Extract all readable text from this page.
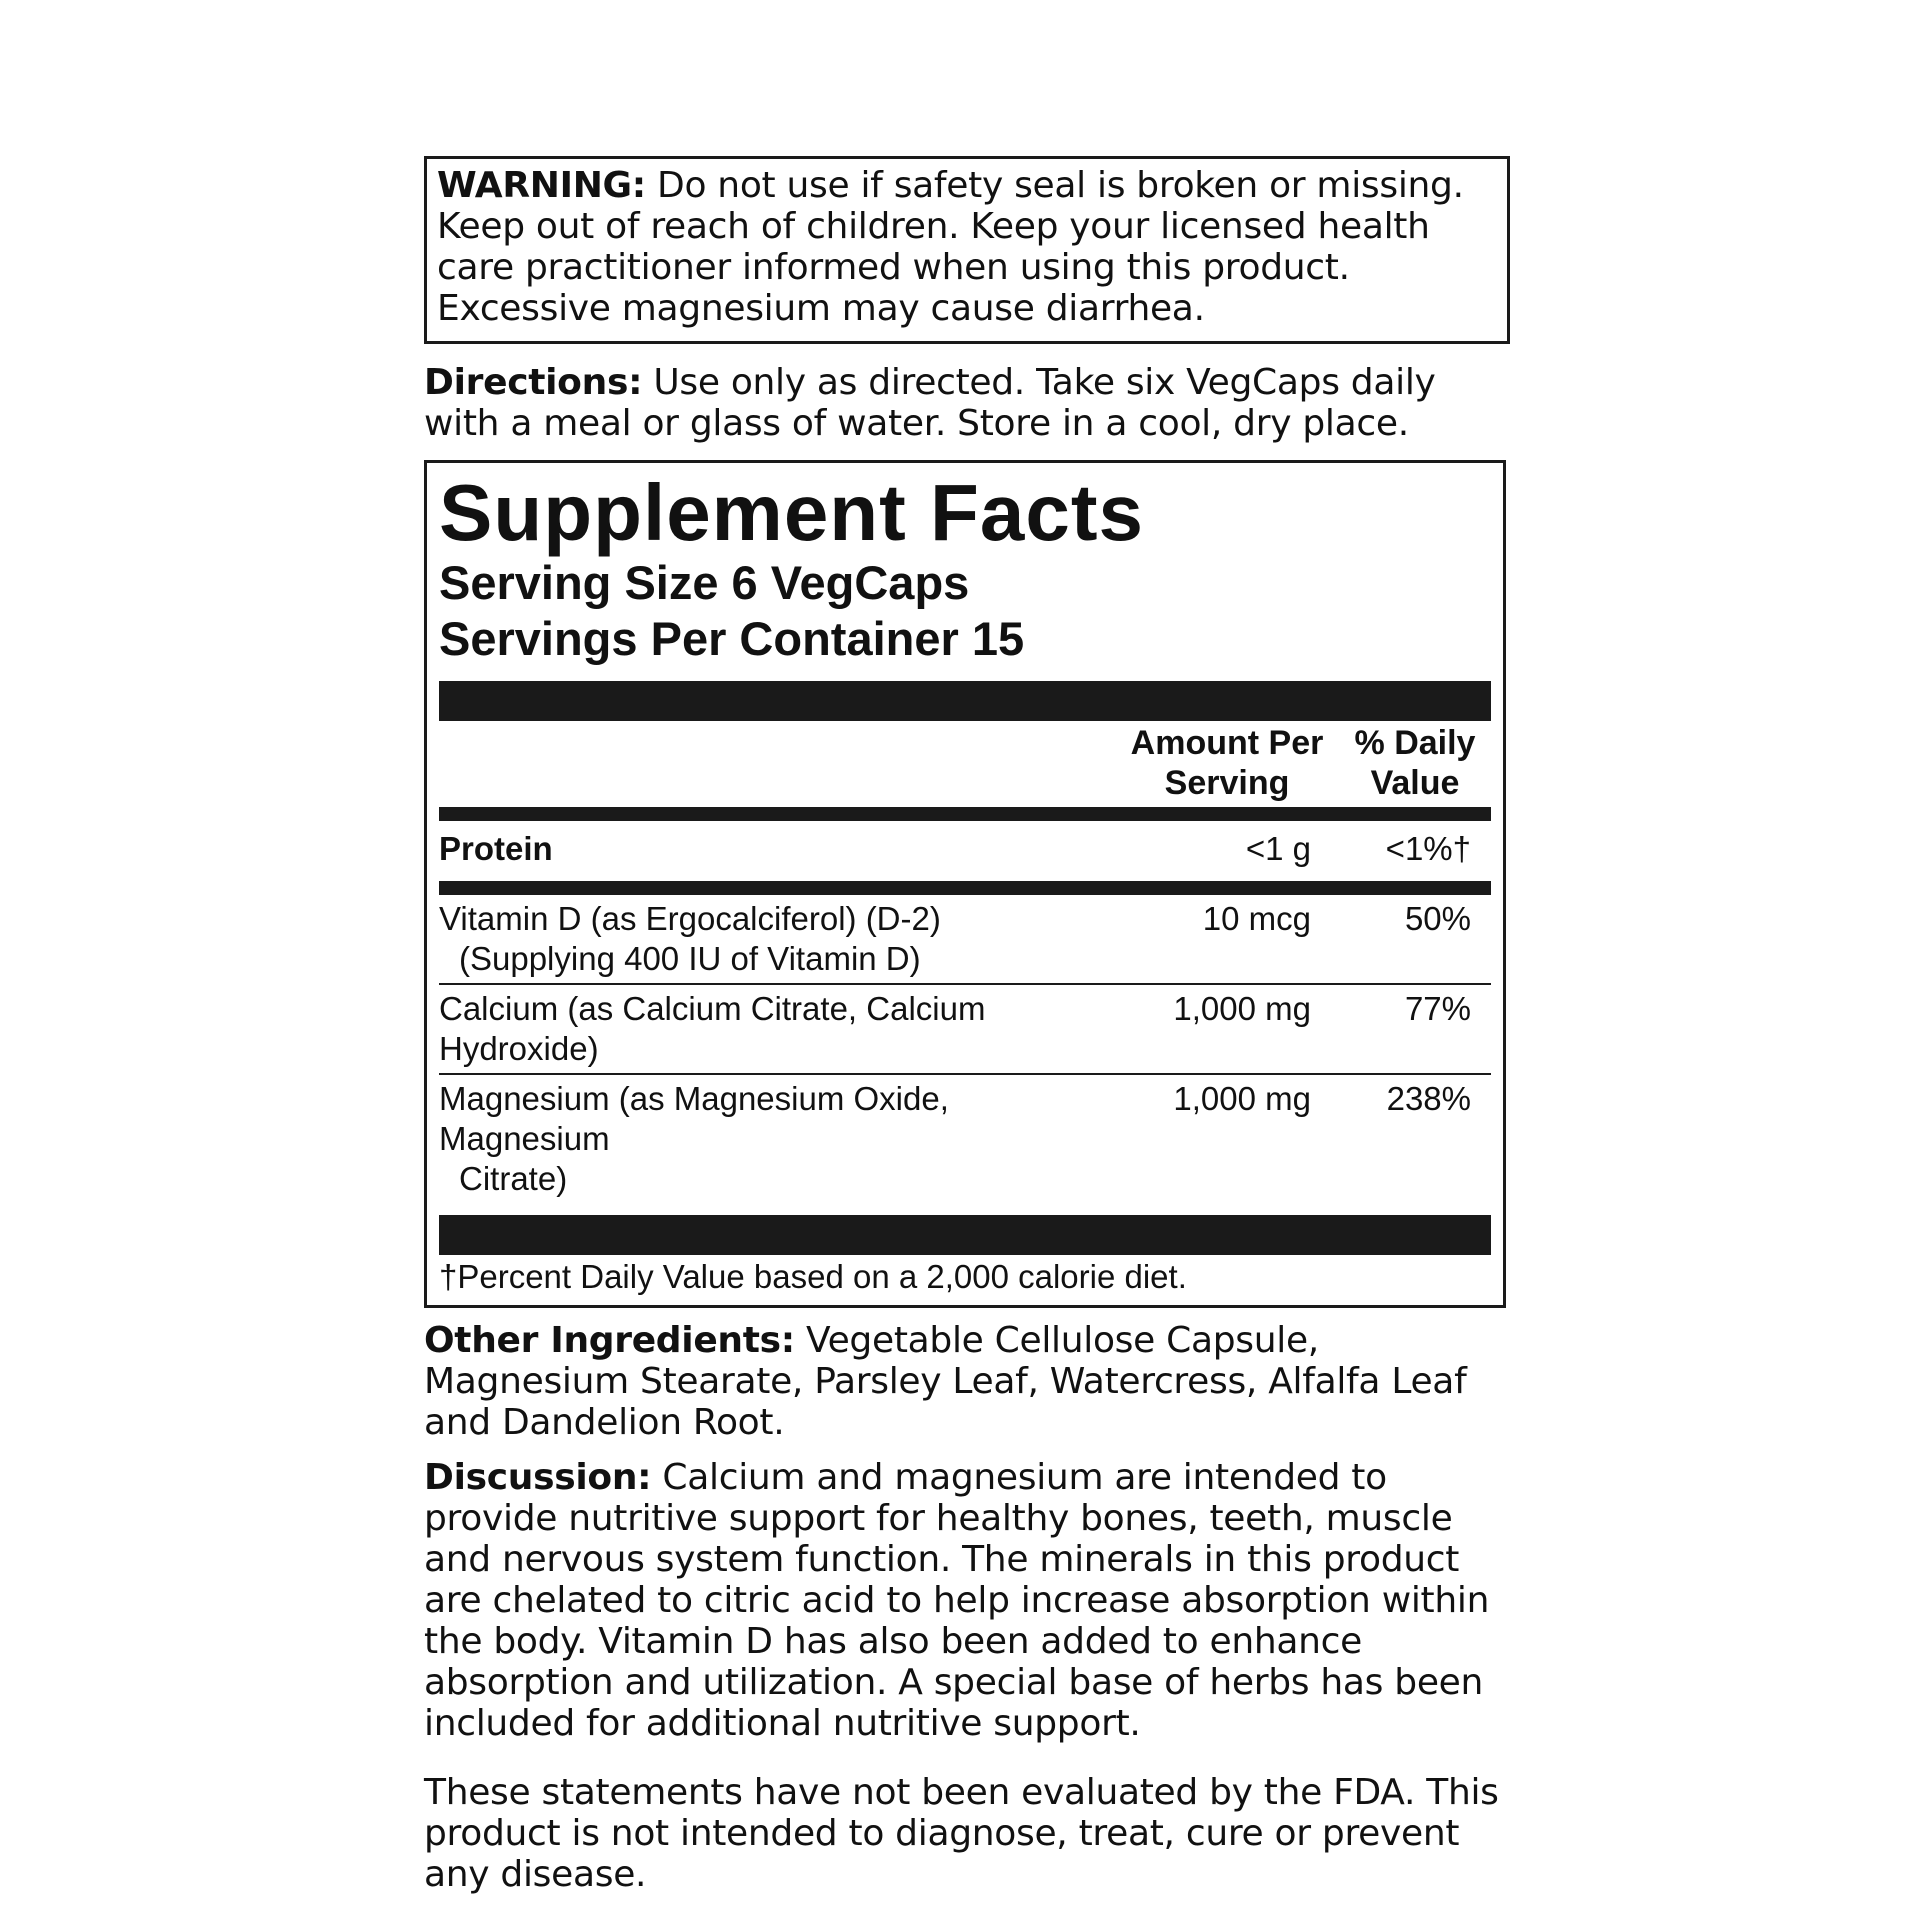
WARNING: Do not use if safety seal is broken or missing. Keep out of reach of children. Keep your licensed health care practitioner informed when using this product. Excessive magnesium may cause diarrhea.
Directions: Use only as directed. Take six VegCaps daily with a meal or glass of water. Store in a cool, dry place.
Supplement Facts
Serving Size 6 VegCaps
Servings Per Container 15
Amount Per
Serving
% Daily
Value
Protein	<1 g	<1%†
Vitamin D (as Ergocalciferol) (D-2)
(Supplying 400 IU of Vitamin D)
10 mcg	50%
Calcium (as Calcium Citrate, Calcium Hydroxide)
1,000 mg	77%
Magnesium (as Magnesium Oxide, Magnesium
Citrate)
1,000 mg	238%
†Percent Daily Value based on a 2,000 calorie diet.
Other Ingredients: Vegetable Cellulose Capsule, Magnesium Stearate, Parsley Leaf, Watercress, Alfalfa Leaf and Dandelion Root.
Discussion: Calcium and magnesium are intended to provide nutritive support for healthy bones, teeth, muscle and nervous system function. The minerals in this product are chelated to citric acid to help increase absorption within the body. Vitamin D has also been added to enhance absorption and utilization. A special base of herbs has been included for additional nutritive support.
These statements have not been evaluated by the FDA. This product is not intended to diagnose, treat, cure or prevent any disease.
